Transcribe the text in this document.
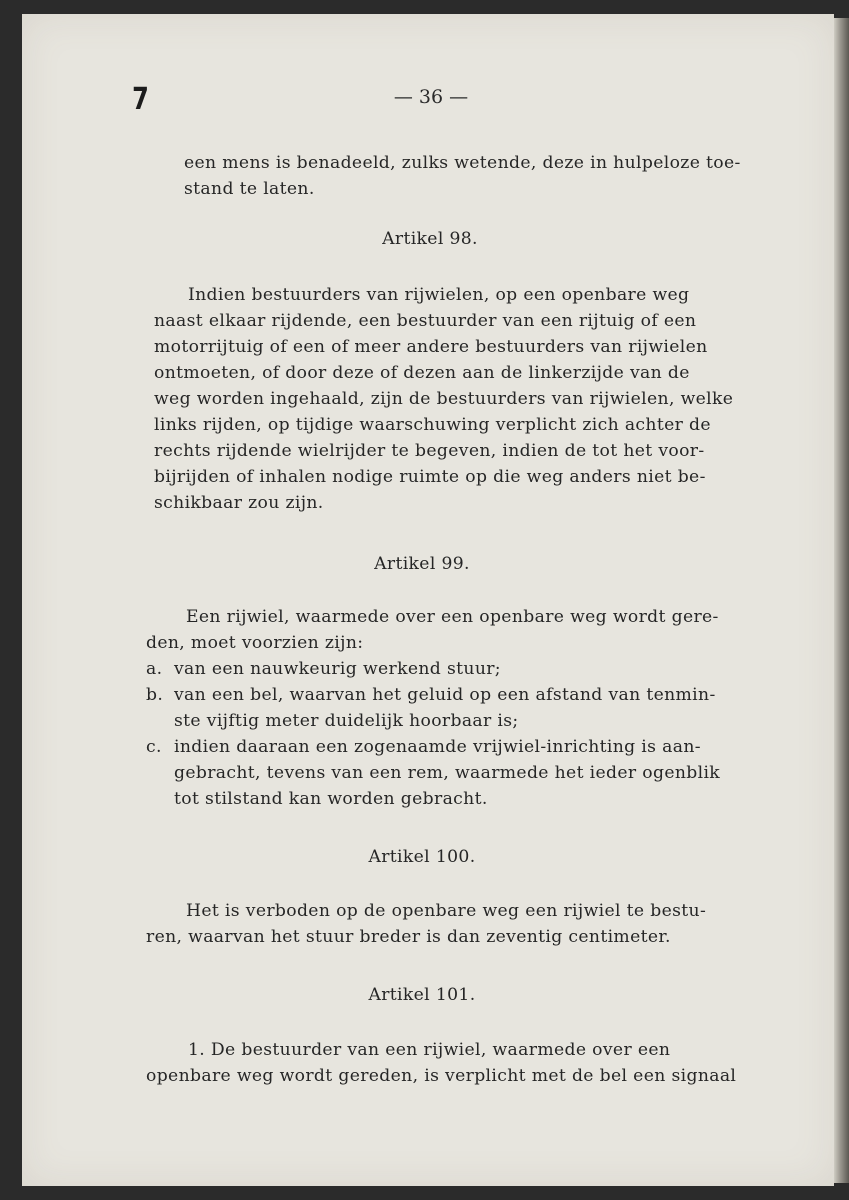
7	— 36 —
een mens is benadeeld, zulks wetende, deze in hulpeloze toe-
stand te laten.
Artikel 98.
Indien bestuurders van rijwielen, op een openbare weg
naast elkaar rijdende, een bestuurder van een rijtuig of een
motorrijtuig of een of meer andere bestuurders van rijwielen
ontmoeten, of door deze of dezen aan de linkerzijde van de
weg worden ingehaald, zijn de bestuurders van rijwielen, welke
links rijden, op tijdige waarschuwing verplicht zich achter de
rechts rijdende wielrijder te begeven, indien de tot het voor-
bijrijden of inhalen nodige ruimte op die weg anders niet be-
schikbaar zou zijn.
Artikel 99.
Een rijwiel, waarmede over een openbare weg wordt gere-
den, moet voorzien zijn:
a. van een nauwkeurig werkend stuur;
b. van een bel, waarvan het geluid op een afstand van tenmin-
ste vijftig meter duidelijk hoorbaar is;
c. indien daaraan een zogenaamde vrijwiel-inrichting is aan-
gebracht, tevens van een rem, waarmede het ieder ogenblik
tot stilstand kan worden gebracht.
Artikel 100.
Het is verboden op de openbare weg een rijwiel te bestu-
ren, waarvan het stuur breder is dan zeventig centimeter.
Artikel 101.
1. De bestuurder van een rijwiel, waarmede over een
openbare weg wordt gereden, is verplicht met de bel een signaal
